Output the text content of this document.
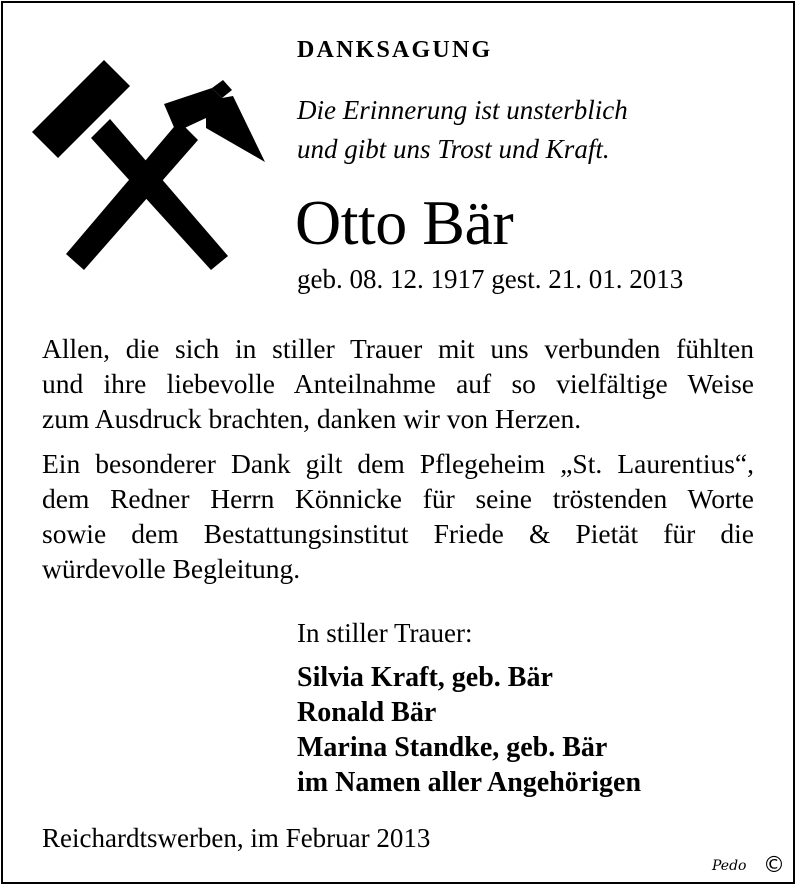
DANKSAGUNG
Die Erinnerung ist unsterblich
und gibt uns Trost und Kraft.
Otto Bär
geb. 08. 12. 1917 gest. 21. 01. 2013
Allen, die sich in stiller Trauer mit uns verbunden fühlten
und ihre liebevolle Anteilnahme auf so vielfältige Weise
zum Ausdruck brachten, danken wir von Herzen.
Ein besonderer Dank gilt dem Pflegeheim „St. Laurentius“,
dem Redner Herrn Könnicke für seine tröstenden Worte
sowie dem Bestattungsinstitut Friede & Pietät für die
würdevolle Begleitung.
In stiller Trauer:
Silvia Kraft, geb. Bär
Ronald Bär
Marina Standke, geb. Bär
im Namen aller Angehörigen
Reichardtswerben, im Februar 2013
Pedo ©
